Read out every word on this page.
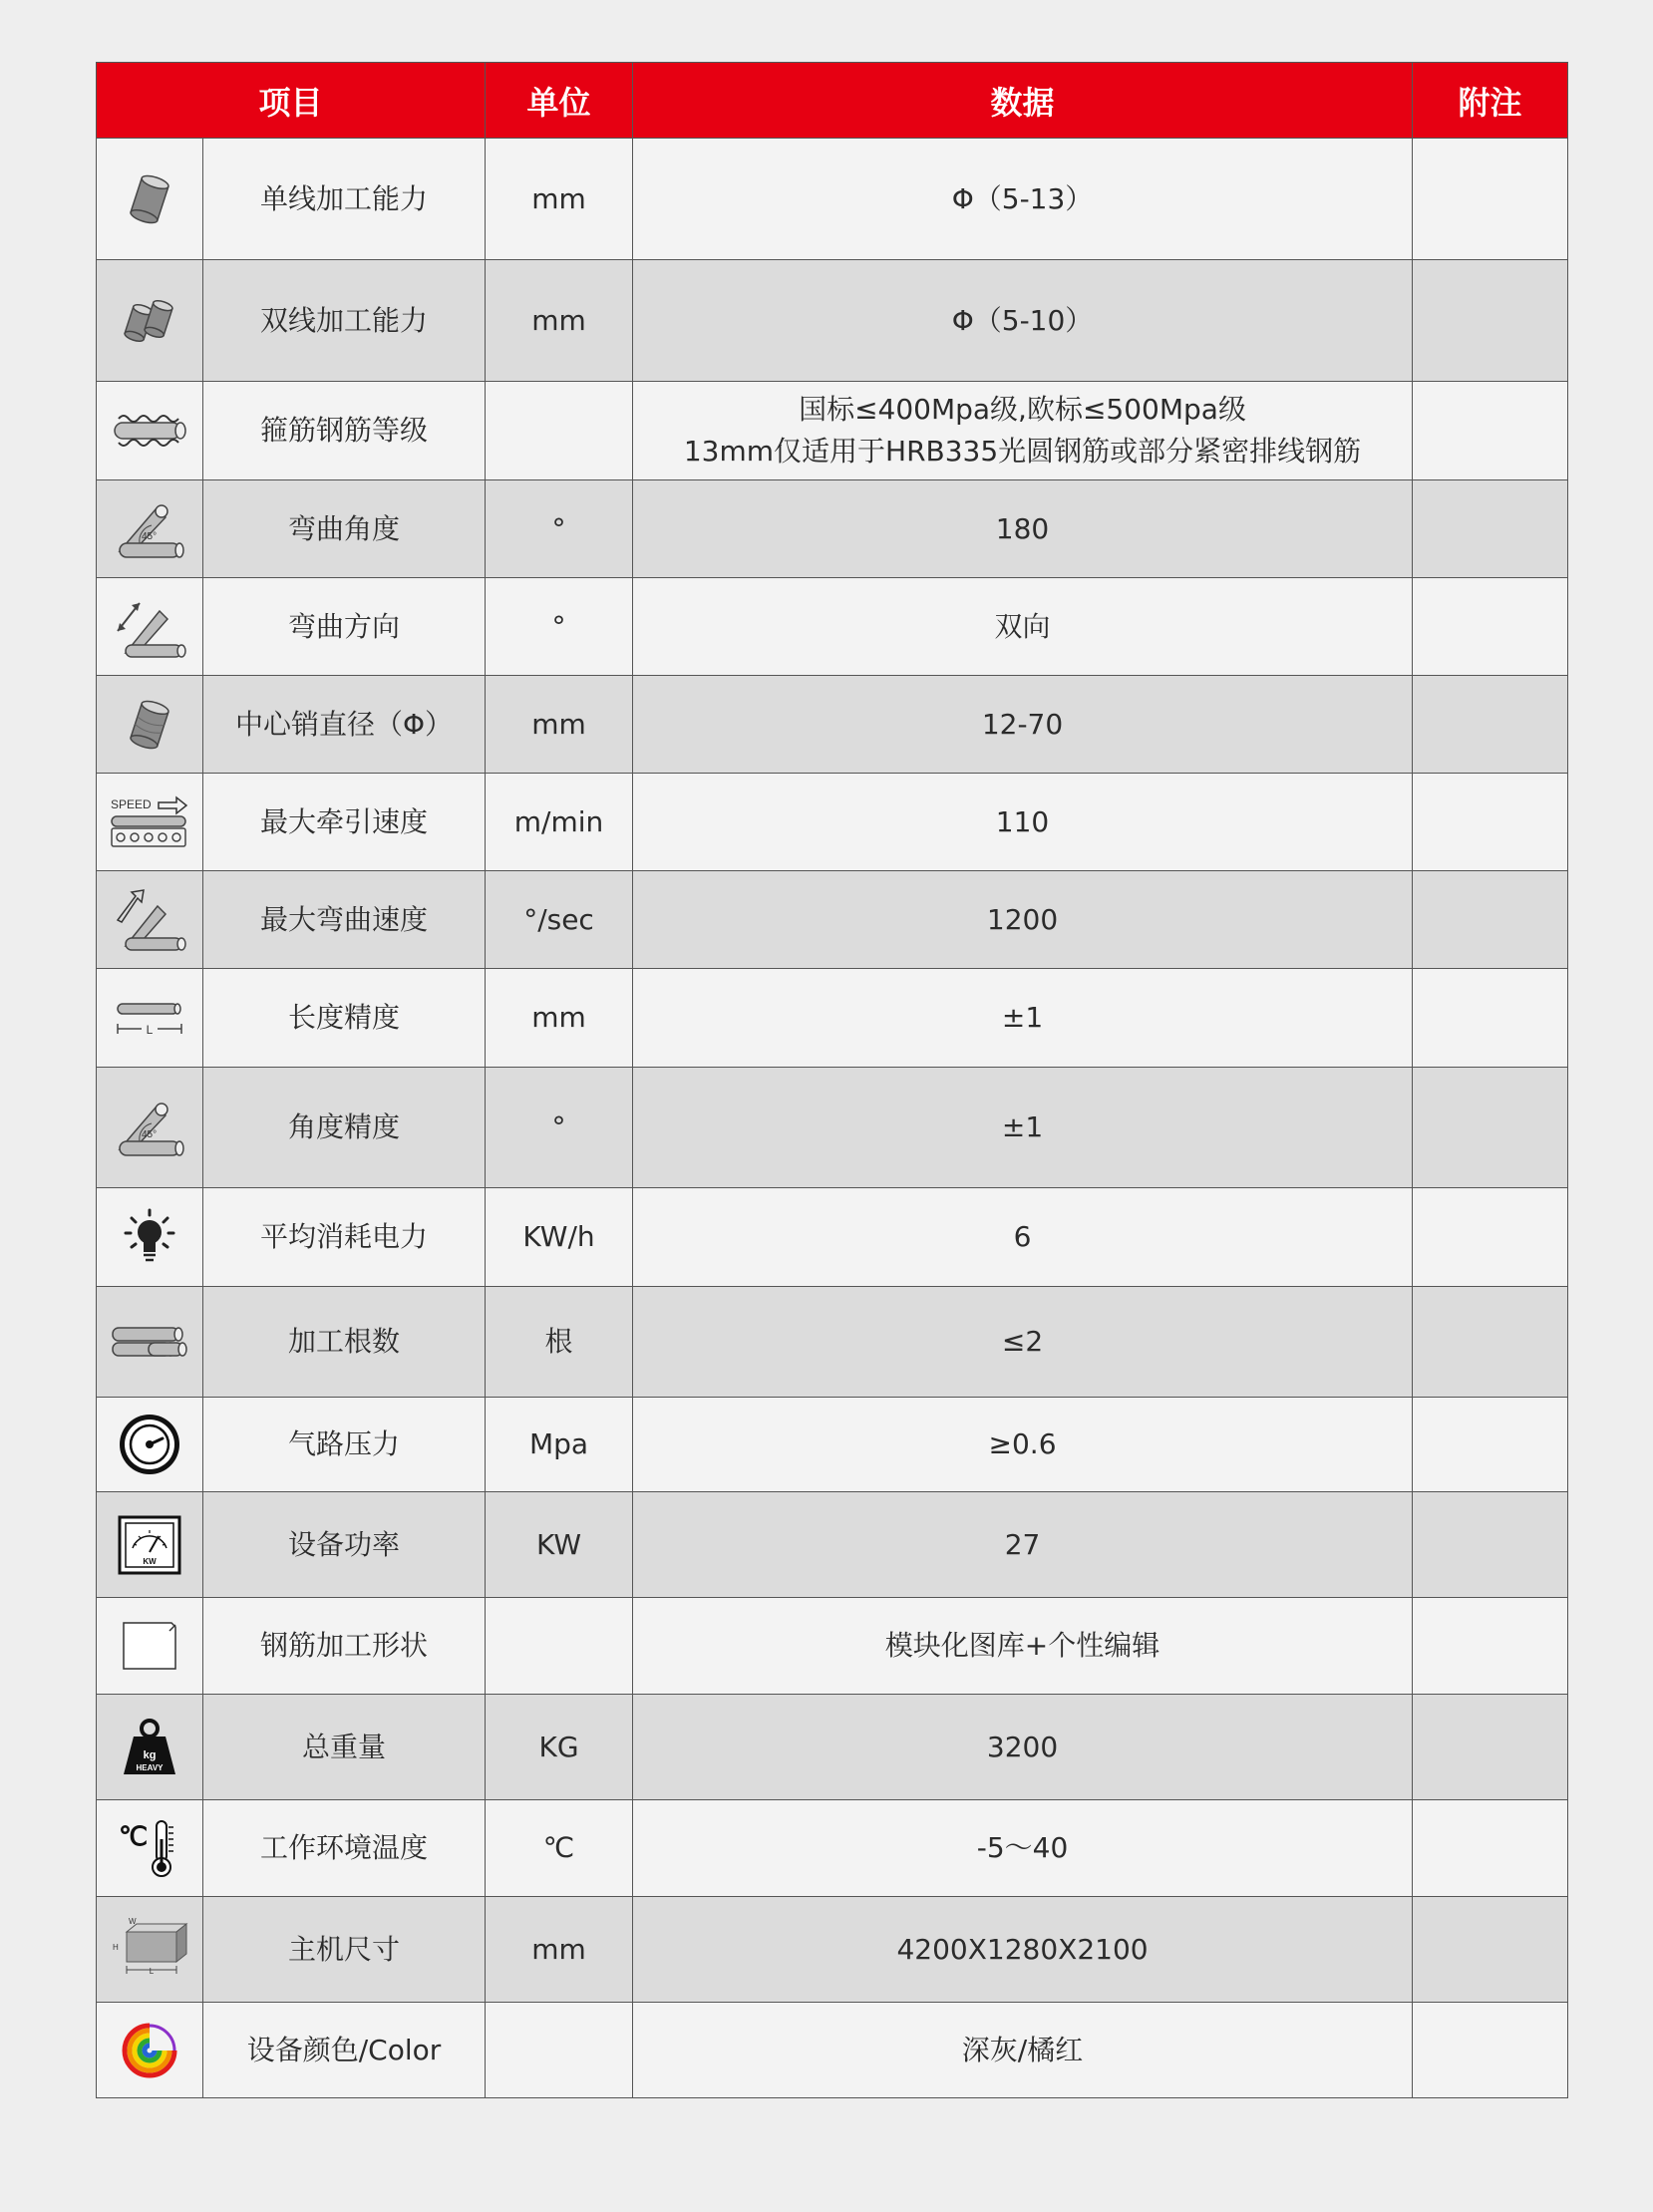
项目		单位	数据	附注

	单线加工能力	mm	Φ（5-13）	

	双线加工能力	mm	Φ（5-10）	

	箍筋钢筋等级		国标≤400Mpa级,欧标≤500Mpa级
13mm仅适用于HRB335光圆钢筋或部分紧密排线钢筋	

45°	弯曲角度	°	180	

	弯曲方向	°	双向	

	中心销直径（Φ）	mm	12-70	

SPEED	最大牵引速度	m/min	110	

	最大弯曲速度	°/sec	1200	

L	长度精度	mm	±1	

45°	角度精度	°	±1	

	平均消耗电力	KW/h	6	

	加工根数	根	≤2	

	气路压力	Mpa	≥0.6	

KW	设备功率	KW	27	

	钢筋加工形状		模块化图库+个性编辑	

kg
HEAVY	总重量	KG	3200	

℃	工作环境温度	℃	-5～40	

W
H
L	主机尺寸	mm	4200X1280X2100	

	设备颜色/Color		深灰/橘红	
